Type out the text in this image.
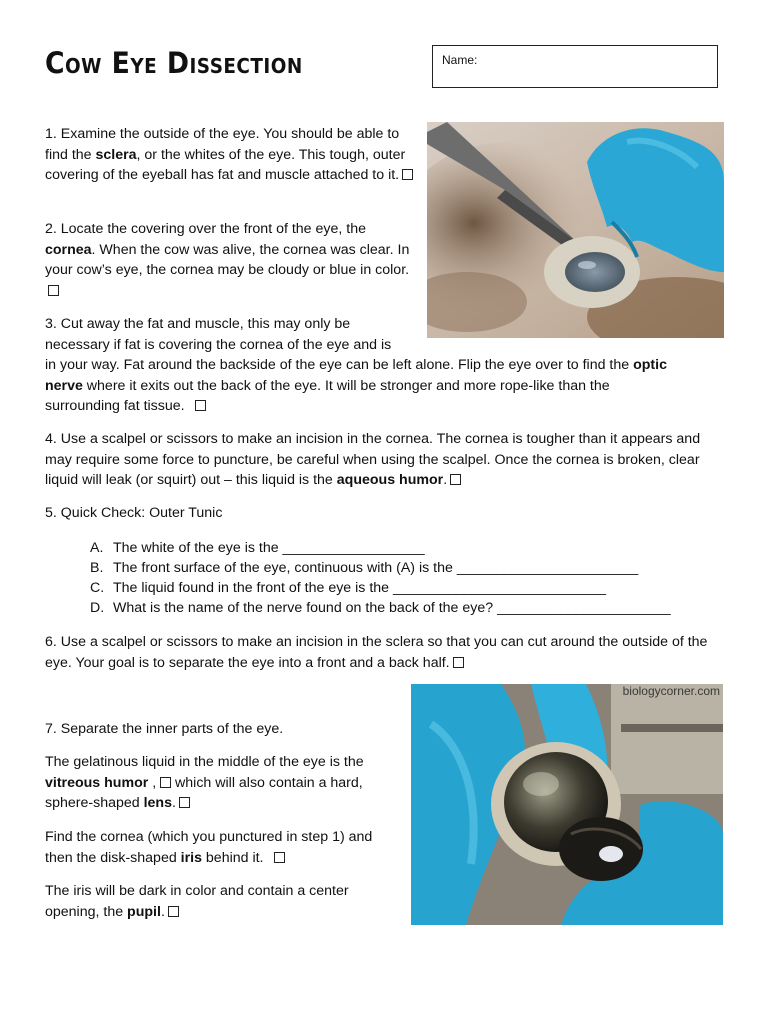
Cow Eye Dissection	Name:
biologycorner.com
1. Examine the outside of the eye. You should be able to find the sclera, or the whites of the eye. This tough, outer covering of the eyeball has fat and muscle attached to it.
2. Locate the covering over the front of the eye, the cornea. When the cow was alive, the cornea was clear. In your cow’s eye, the cornea may be cloudy or blue in color.
3. Cut away the fat and muscle, this may only be
necessary if fat is covering the cornea of the eye and is
in your way. Fat around the backside of the eye can be left alone. Flip the eye over to find the optic
nerve where it exits out the back of the eye. It will be stronger and more rope-like than the
surrounding fat tissue.
4. Use a scalpel or scissors to make an incision in the cornea. The cornea is tougher than it appears and may require some force to puncture, be careful when using the scalpel. Once the cornea is broken, clear liquid will leak (or squirt) out – this liquid is the aqueous humor.
5. Quick Check: Outer Tunic
A. The white of the eye is the __________________
B. The front surface of the eye, continuous with (A) is the _______________________
C. The liquid found in the front of the eye is the ___________________________
D. What is the name of the nerve found on the back of the eye? ______________________
6. Use a scalpel or scissors to make an incision in the sclera so that you can cut around the outside of the eye. Your goal is to separate the eye into a front and a back half.
7. Separate the inner parts of the eye.
The gelatinous liquid in the middle of the eye is the vitreous humor ,  which will also contain a hard, sphere-shaped lens.
Find the cornea (which you punctured in step 1) and then the disk-shaped iris behind it.
The iris will be dark in color and contain a center opening, the pupil.
